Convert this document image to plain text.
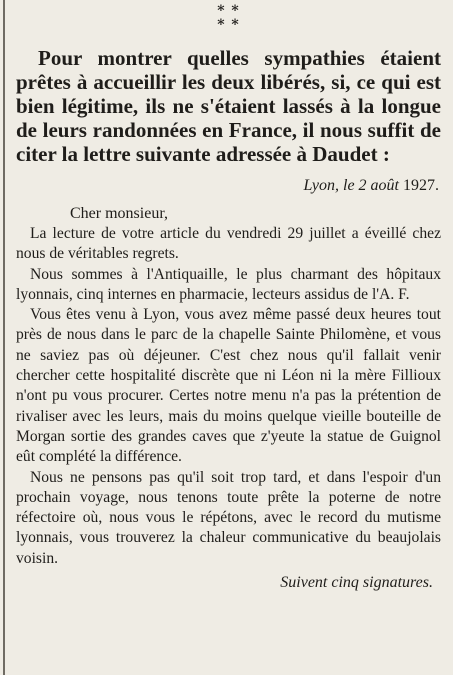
* *
* *

Pour montrer quelles sympathies étaient prêtes à accueillir les deux libérés, si, ce qui est bien légitime, ils ne s'étaient lassés à la longue de leurs randonnées en France, il nous suffit de citer la lettre suivante adressée à Daudet :

Lyon, le 2 août 1927.
Cher monsieur,

La lecture de votre article du vendredi 29 juillet a éveillé chez nous de véritables regrets.

Nous sommes à l'Antiquaille, le plus charmant des hôpitaux lyonnais, cinq internes en pharmacie, lecteurs assidus de l'A. F.

Vous êtes venu à Lyon, vous avez même passé deux heures tout près de nous dans le parc de la chapelle Sainte Philomène, et vous ne saviez pas où déjeuner. C'est chez nous qu'il fallait venir chercher cette hospitalité discrète que ni Léon ni la mère Fillioux n'ont pu vous procurer. Certes notre menu n'a pas la prétention de rivaliser avec les leurs, mais du moins quelque vieille bouteille de Morgan sortie des grandes caves que z'yeute la statue de Guignol eût complété la différence.

Nous ne pensons pas qu'il soit trop tard, et dans l'espoir d'un prochain voyage, nous tenons toute prête la poterne de notre réfectoire où, nous vous le répétons, avec le record du mutisme lyonnais, vous trouverez la chaleur communicative du beaujolais voisin.

Suivent cinq signatures.
